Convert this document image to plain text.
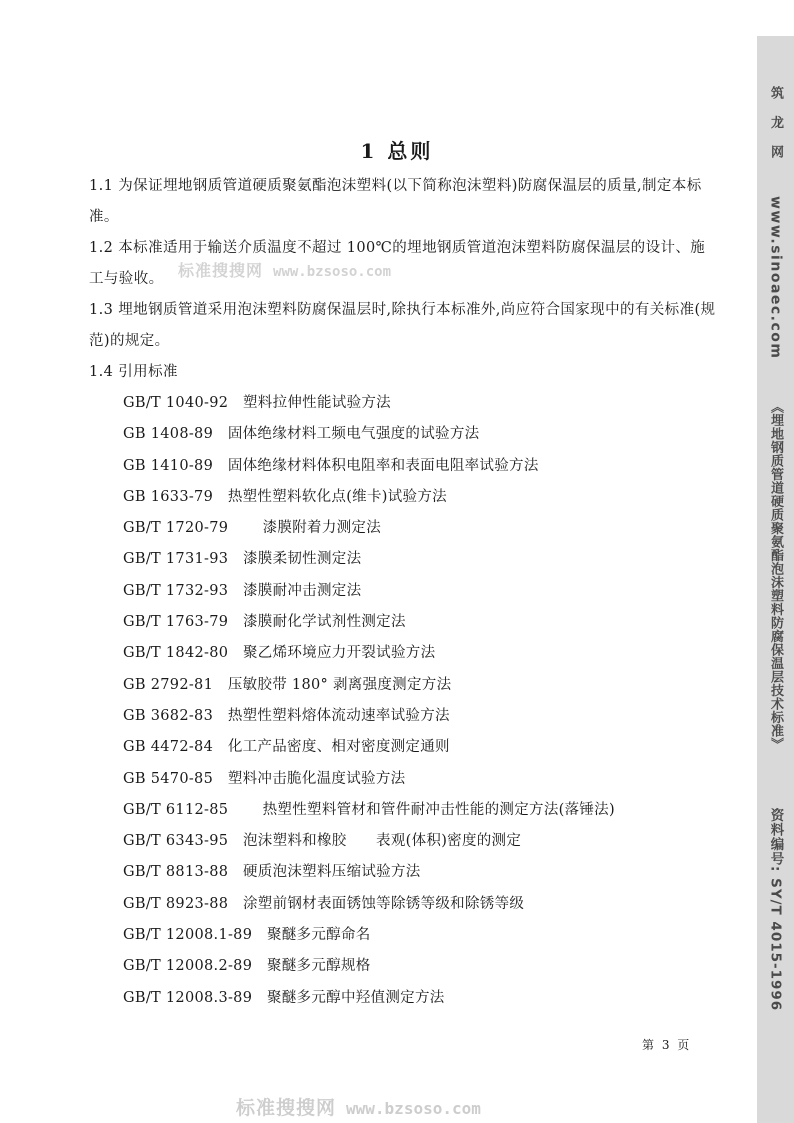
筑 龙 网
www.sinoaec.com
《埋地钢质管道硬质聚氨酯泡沫塑料防腐保温层技术标准》
资料编号: SY/T 4015-1996
标准搜搜网 www.bzsoso.com
1 总则
1.1 为保证埋地钢质管道硬质聚氨酯泡沫塑料(以下简称泡沫塑料)防腐保温层的质量,制定本标准。
1.2 本标准适用于输送介质温度不超过 100℃的埋地钢质管道泡沫塑料防腐保温层的设计、施工与验收。
1.3 埋地钢质管道采用泡沫塑料防腐保温层时,除执行本标准外,尚应符合国家现中的有关标准(规范)的规定。
1.4 引用标准
GB/T 1040-92   塑料拉伸性能试验方法
GB 1408-89   固体绝缘材料工频电气强度的试验方法
GB 1410-89   固体绝缘材料体积电阻率和表面电阻率试验方法
GB 1633-79   热塑性塑料软化点(维卡)试验方法
GB/T 1720-79       漆膜附着力测定法
GB/T 1731-93   漆膜柔韧性测定法
GB/T 1732-93   漆膜耐冲击测定法
GB/T 1763-79   漆膜耐化学试剂性测定法
GB/T 1842-80   聚乙烯环境应力开裂试验方法
GB 2792-81   压敏胶带 180° 剥离强度测定方法
GB 3682-83   热塑性塑料熔体流动速率试验方法
GB 4472-84   化工产品密度、相对密度测定通则
GB 5470-85   塑料冲击脆化温度试验方法
GB/T 6112-85       热塑性塑料管材和管件耐冲击性能的测定方法(落锤法)
GB/T 6343-95   泡沫塑料和橡胶      表观(体积)密度的测定
GB/T 8813-88   硬质泡沫塑料压缩试验方法
GB/T 8923-88   涂塑前钢材表面锈蚀等除锈等级和除锈等级
GB/T 12008.1-89   聚醚多元醇命名
GB/T 12008.2-89   聚醚多元醇规格
GB/T 12008.3-89   聚醚多元醇中羟值测定方法
第 3 页
标准搜搜网 www.bzsoso.com
